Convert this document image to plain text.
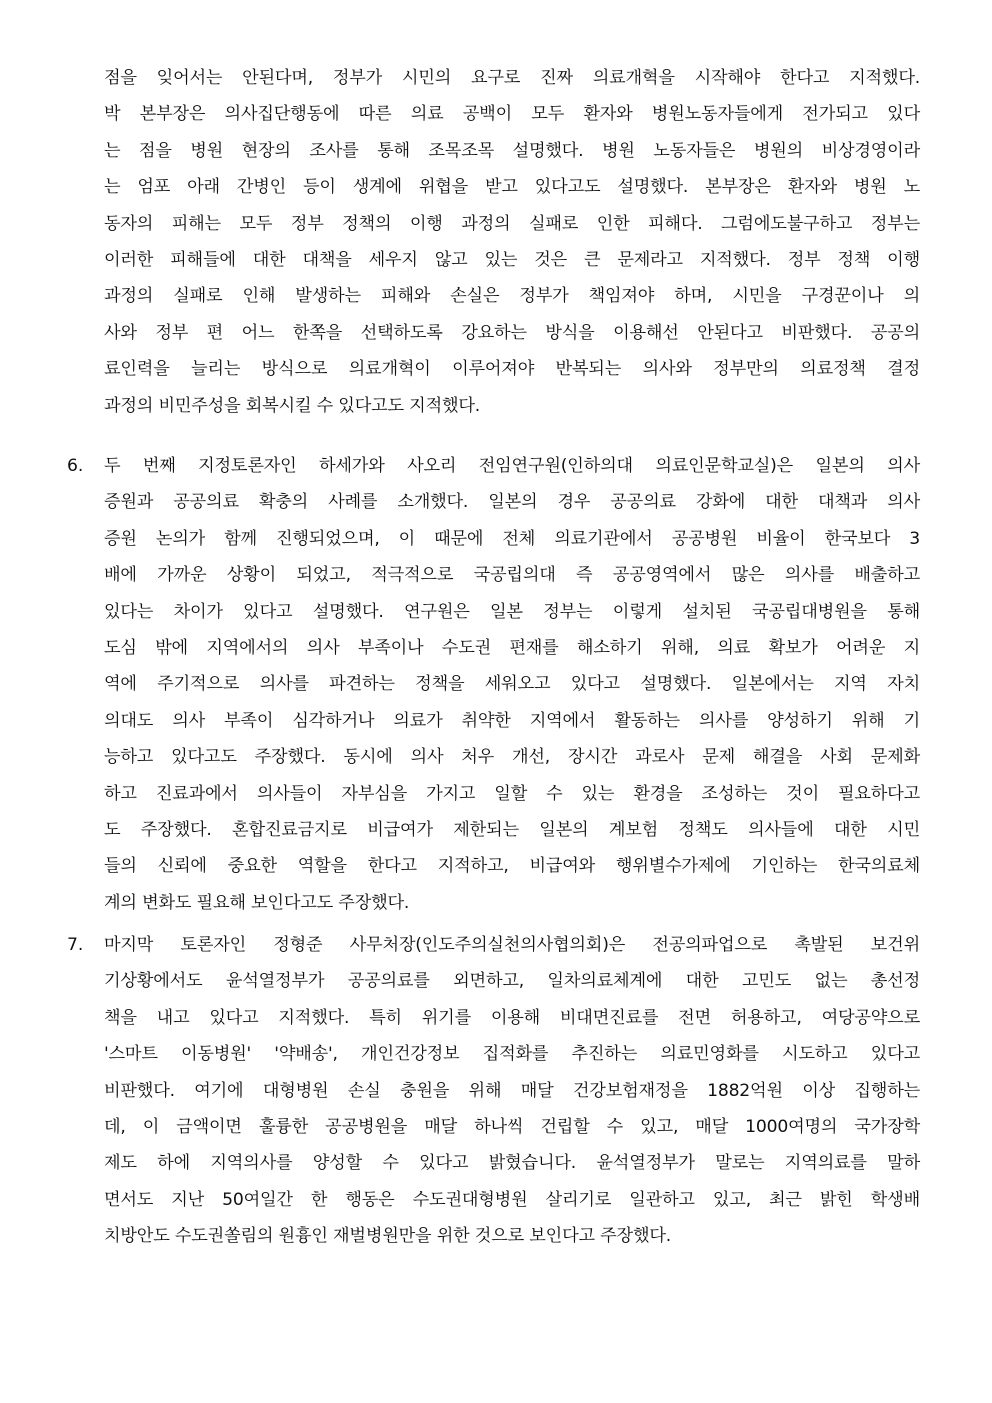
점을 잊어서는 안된다며, 정부가 시민의 요구로 진짜 의료개혁을 시작해야 한다고 지적했다.
박 본부장은 의사집단행동에 따른 의료 공백이 모두 환자와 병원노동자들에게 전가되고 있다
는 점을 병원 현장의 조사를 통해 조목조목 설명했다. 병원 노동자들은 병원의 비상경영이라
는 엄포 아래 간병인 등이 생계에 위협을 받고 있다고도 설명했다. 본부장은 환자와 병원 노
동자의 피해는 모두 정부 정책의 이행 과정의 실패로 인한 피해다. 그럼에도불구하고 정부는
이러한 피해들에 대한 대책을 세우지 않고 있는 것은 큰 문제라고 지적했다. 정부 정책 이행
과정의 실패로 인해 발생하는 피해와 손실은 정부가 책임져야 하며, 시민을 구경꾼이나 의
사와 정부 편 어느 한쪽을 선택하도록 강요하는 방식을 이용해선 안된다고 비판했다. 공공의
료인력을 늘리는 방식으로 의료개혁이 이루어져야 반복되는 의사와 정부만의 의료정책 결정
과정의 비민주성을 회복시킬 수 있다고도 지적했다.
6. 두 번째 지정토론자인 하세가와 사오리 전임연구원(인하의대 의료인문학교실)은 일본의 의사
증원과 공공의료 확충의 사례를 소개했다. 일본의 경우 공공의료 강화에 대한 대책과 의사
증원 논의가 함께 진행되었으며, 이 때문에 전체 의료기관에서 공공병원 비율이 한국보다 3
배에 가까운 상황이 되었고, 적극적으로 국공립의대 즉 공공영역에서 많은 의사를 배출하고
있다는 차이가 있다고 설명했다. 연구원은 일본 정부는 이렇게 설치된 국공립대병원을 통해
도심 밖에 지역에서의 의사 부족이나 수도권 편재를 해소하기 위해, 의료 확보가 어려운 지
역에 주기적으로 의사를 파견하는 정책을 세워오고 있다고 설명했다. 일본에서는 지역 자치
의대도 의사 부족이 심각하거나 의료가 취약한 지역에서 활동하는 의사를 양성하기 위해 기
능하고 있다고도 주장했다. 동시에 의사 처우 개선, 장시간 과로사 문제 해결을 사회 문제화
하고 진료과에서 의사들이 자부심을 가지고 일할 수 있는 환경을 조성하는 것이 필요하다고
도 주장했다. 혼합진료금지로 비급여가 제한되는 일본의 계보험 정책도 의사들에 대한 시민
들의 신뢰에 중요한 역할을 한다고 지적하고, 비급여와 행위별수가제에 기인하는 한국의료체
계의 변화도 필요해 보인다고도 주장했다.
7. 마지막 토론자인 정형준 사무처장(인도주의실천의사협의회)은 전공의파업으로 촉발된 보건위
기상황에서도 윤석열정부가 공공의료를 외면하고, 일차의료체계에 대한 고민도 없는 총선정
책을 내고 있다고 지적했다. 특히 위기를 이용해 비대면진료를 전면 허용하고, 여당공약으로
'스마트 이동병원' '약배송', 개인건강정보 집적화를 추진하는 의료민영화를 시도하고 있다고
비판했다. 여기에 대형병원 손실 충원을 위해 매달 건강보험재정을 1882억원 이상 집행하는
데, 이 금액이면 훌륭한 공공병원을 매달 하나씩 건립할 수 있고, 매달 1000여명의 국가장학
제도 하에 지역의사를 양성할 수 있다고 밝혔습니다. 윤석열정부가 말로는 지역의료를 말하
면서도 지난 50여일간 한 행동은 수도권대형병원 살리기로 일관하고 있고, 최근 밝힌 학생배
치방안도 수도권쏠림의 원흉인 재벌병원만을 위한 것으로 보인다고 주장했다.
